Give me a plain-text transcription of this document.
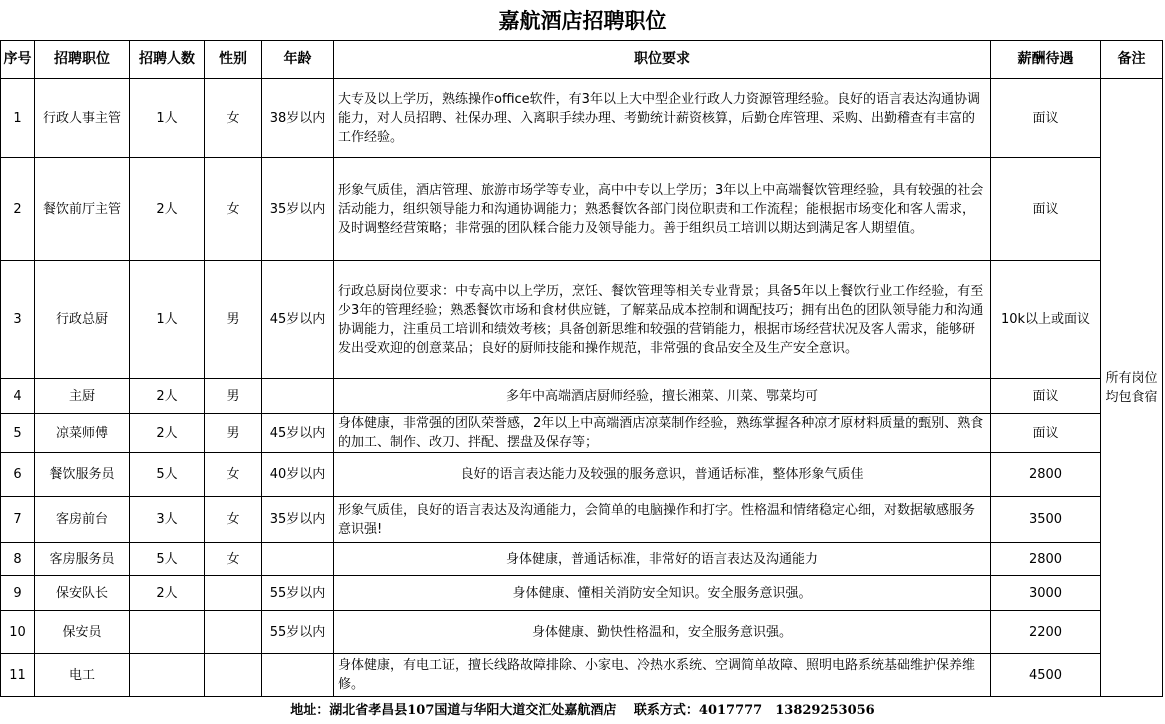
嘉航酒店招聘职位
序号	招聘职位	招聘人数	性别	年龄	职位要求	薪酬待遇	备注
1	行政人事主管	1人	女	38岁以内	大专及以上学历，熟练操作office软件，有3年以上大中型企业行政人力资源管理经验。良好的语言表达沟通协调能力，对人员招聘、社保办理、入离职手续办理、考勤统计薪资核算，后勤仓库管理、采购、出勤稽查有丰富的工作经验。	面议	所有岗位均包食宿
2	餐饮前厅主管	2人	女	35岁以内	形象气质佳，酒店管理、旅游市场学等专业，高中中专以上学历；3年以上中高端餐饮管理经验，具有较强的社会活动能力，组织领导能力和沟通协调能力；熟悉餐饮各部门岗位职责和工作流程；能根据市场变化和客人需求，及时调整经营策略；非常强的团队糅合能力及领导能力。善于组织员工培训以期达到满足客人期望值。	面议	
3	行政总厨	1人	男	45岁以内	行政总厨岗位要求：中专高中以上学历，烹饪、餐饮管理等相关专业背景；具备5年以上餐饮行业工作经验，有至少3年的管理经验；熟悉餐饮市场和食材供应链，了解菜品成本控制和调配技巧；拥有出色的团队领导能力和沟通协调能力，注重员工培训和绩效考核；具备创新思维和较强的营销能力，根据市场经营状况及客人需求，能够研发出受欢迎的创意菜品；良好的厨师技能和操作规范，非常强的食品安全及生产安全意识。	10k以上或面议	
4	主厨	2人	男		多年中高端酒店厨师经验，擅长湘菜、川菜、鄂菜均可	面议	
5	凉菜师傅	2人	男	45岁以内	身体健康，非常强的团队荣誉感，2年以上中高端酒店凉菜制作经验，熟练掌握各种凉才原材料质量的甄别、熟食的加工、制作、改刀、拌配、摆盘及保存等；	面议	
6	餐饮服务员	5人	女	40岁以内	良好的语言表达能力及较强的服务意识，普通话标准，整体形象气质佳	2800	
7	客房前台	3人	女	35岁以内	形象气质佳，良好的语言表达及沟通能力，会简单的电脑操作和打字。性格温和情绪稳定心细，对数据敏感服务意识强!	3500	
8	客房服务员	5人	女		身体健康，普通话标准，非常好的语言表达及沟通能力	2800	
9	保安队长	2人		55岁以内	身体健康、懂相关消防安全知识。安全服务意识强。	3000	
10	保安员			55岁以内	身体健康、勤快性格温和，安全服务意识强。	2200	
11	电工				身体健康，有电工证，擅长线路故障排除、小家电、冷热水系统、空调简单故障、照明电路系统基础维护保养维修。	4500	
地址：湖北省孝昌县107国道与华阳大道交汇处嘉航酒店　 联系方式：4017777　13829253056
